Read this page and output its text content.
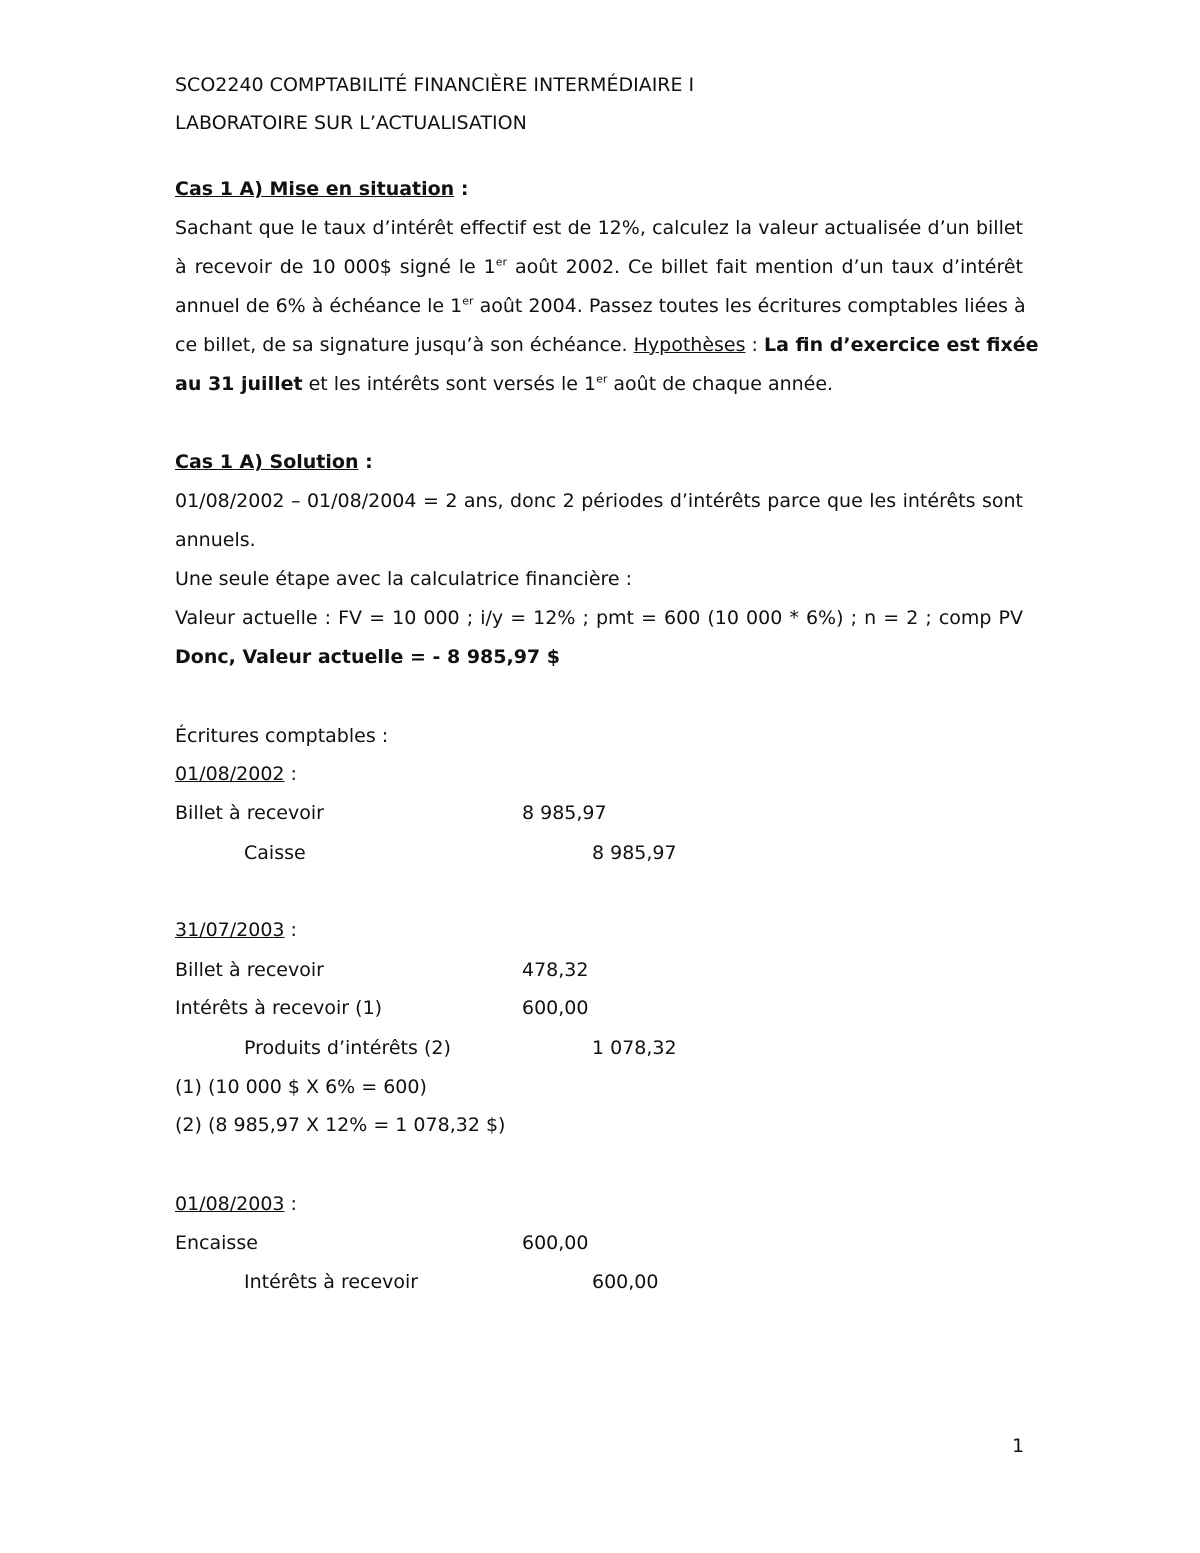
SCO2240 COMPTABILITÉ FINANCIÈRE INTERMÉDIAIRE I
LABORATOIRE SUR L’ACTUALISATION
Cas 1 A) Mise en situation :
Sachant que le taux d’intérêt effectif est de 12%, calculez la valeur actualisée d’un billet
à recevoir de 10 000$ signé le 1er août 2002. Ce billet fait mention d’un taux d’intérêt
annuel de 6% à échéance le 1er août 2004. Passez toutes les écritures comptables liées à
ce billet, de sa signature jusqu’à son échéance. Hypothèses : La fin d’exercice est fixée
au 31 juillet et les intérêts sont versés le 1er août de chaque année.
Cas 1 A) Solution :
01/08/2002 – 01/08/2004 = 2 ans, donc 2 périodes d’intérêts parce que les intérêts sont
annuels.
Une seule étape avec la calculatrice financière :
Valeur actuelle : FV = 10 000 ; i/y = 12% ; pmt = 600 (10 000 * 6%) ; n = 2 ; comp PV
Donc, Valeur actuelle = - 8 985,97 $
Écritures comptables :
01/08/2002 :
Billet à recevoir	8 985,97
Caisse	8 985,97
31/07/2003 :
Billet à recevoir	478,32
Intérêts à recevoir (1)	600,00
Produits d’intérêts (2)	1 078,32
(1) (10 000 $ X 6% = 600)
(2) (8 985,97 X 12% = 1 078,32 $)
01/08/2003 :
Encaisse	600,00
Intérêts à recevoir	600,00
1
